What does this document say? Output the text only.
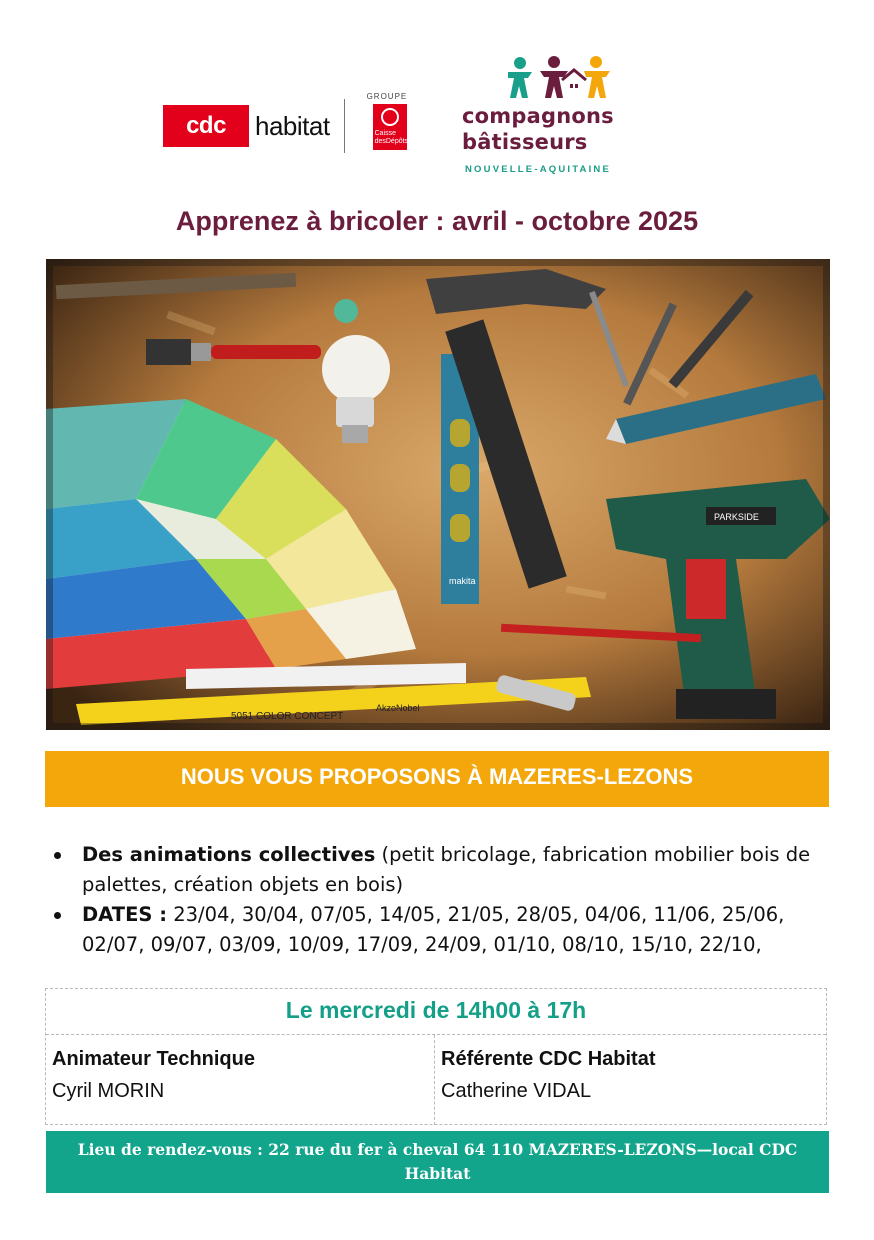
cdc	habitat
GROUPE
Caisse
desDépôts
compagnons
bâtisseurs
NOUVELLE-AQUITAINE
Apprenez à bricoler : avril - octobre 2025
5051 COLOR CONCEPT
AkzoNobel
makita
PARKSIDE
NOUS VOUS PROPOSONS À MAZERES-LEZONS
Des animations collectives (petit bricolage, fabrication mobilier bois de palettes, création objets en bois)
DATES : 23/04, 30/04, 07/05, 14/05, 21/05, 28/05, 04/06, 11/06, 25/06, 02/07, 09/07, 03/09, 10/09, 17/09, 24/09, 01/10, 08/10, 15/10, 22/10,
Le mercredi de 14h00 à 17h
Animateur Technique
Cyril MORIN
Référente CDC Habitat
Catherine VIDAL
Lieu de rendez-vous : 22 rue du fer à cheval 64 110 MAZERES-LEZONS—local CDC Habitat
